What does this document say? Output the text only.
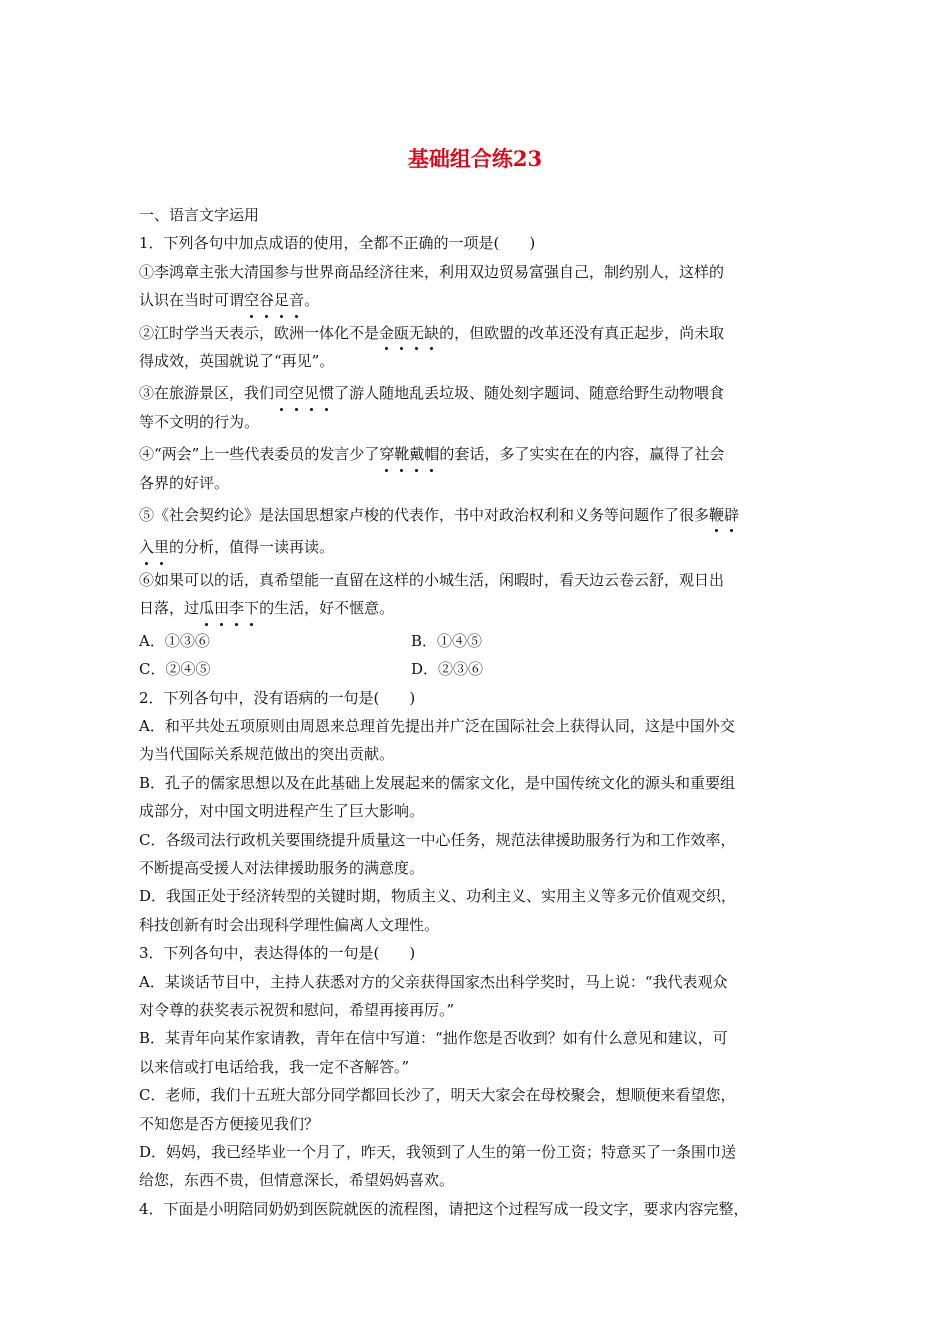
基础组合练23

一、语言文字运用

1．下列各句中加点成语的使用，全都不正确的一项是(　　)

①李鸿章主张大清国参与世界商品经济往来，利用双边贸易富强自己，制约别人，这样的

认识在当时可谓空谷足音。

②江时学当天表示，欧洲一体化不是金瓯无缺的，但欧盟的改革还没有真正起步，尚未取

得成效，英国就说了“再见”。

③在旅游景区，我们司空见惯了游人随地乱丢垃圾、随处刻字题词、随意给野生动物喂食

等不文明的行为。

④“两会”上一些代表委员的发言少了穿靴戴帽的套话，多了实实在在的内容，赢得了社会

各界的好评。

⑤《社会契约论》是法国思想家卢梭的代表作，书中对政治权利和义务等问题作了很多鞭辟

入里的分析，值得一读再读。

⑥如果可以的话，真希望能一直留在这样的小城生活，闲暇时，看天边云卷云舒，观日出

日落，过瓜田李下的生活，好不惬意。

A．①③⑥	B．①④⑤

C．②④⑤	D．②③⑥

2．下列各句中，没有语病的一句是(　　)

A．和平共处五项原则由周恩来总理首先提出并广泛在国际社会上获得认同，这是中国外交

为当代国际关系规范做出的突出贡献。

B．孔子的儒家思想以及在此基础上发展起来的儒家文化，是中国传统文化的源头和重要组

成部分，对中国文明进程产生了巨大影响。

C．各级司法行政机关要围绕提升质量这一中心任务，规范法律援助服务行为和工作效率，

不断提高受援人对法律援助服务的满意度。

D．我国正处于经济转型的关键时期，物质主义、功利主义、实用主义等多元价值观交织，

科技创新有时会出现科学理性偏离人文理性。

3．下列各句中，表达得体的一句是(　　)

A．某谈话节目中，主持人获悉对方的父亲获得国家杰出科学奖时，马上说：“我代表观众

对令尊的获奖表示祝贺和慰问，希望再接再厉。”

B．某青年向某作家请教，青年在信中写道：“拙作您是否收到？如有什么意见和建议，可

以来信或打电话给我，我一定不吝解答。”

C．老师，我们十五班大部分同学都回长沙了，明天大家会在母校聚会，想顺便来看望您，

不知您是否方便接见我们？

D．妈妈，我已经毕业一个月了，昨天，我领到了人生的第一份工资；特意买了一条围巾送

给您，东西不贵，但情意深长，希望妈妈喜欢。

4．下面是小明陪同奶奶到医院就医的流程图，请把这个过程写成一段文字，要求内容完整，
